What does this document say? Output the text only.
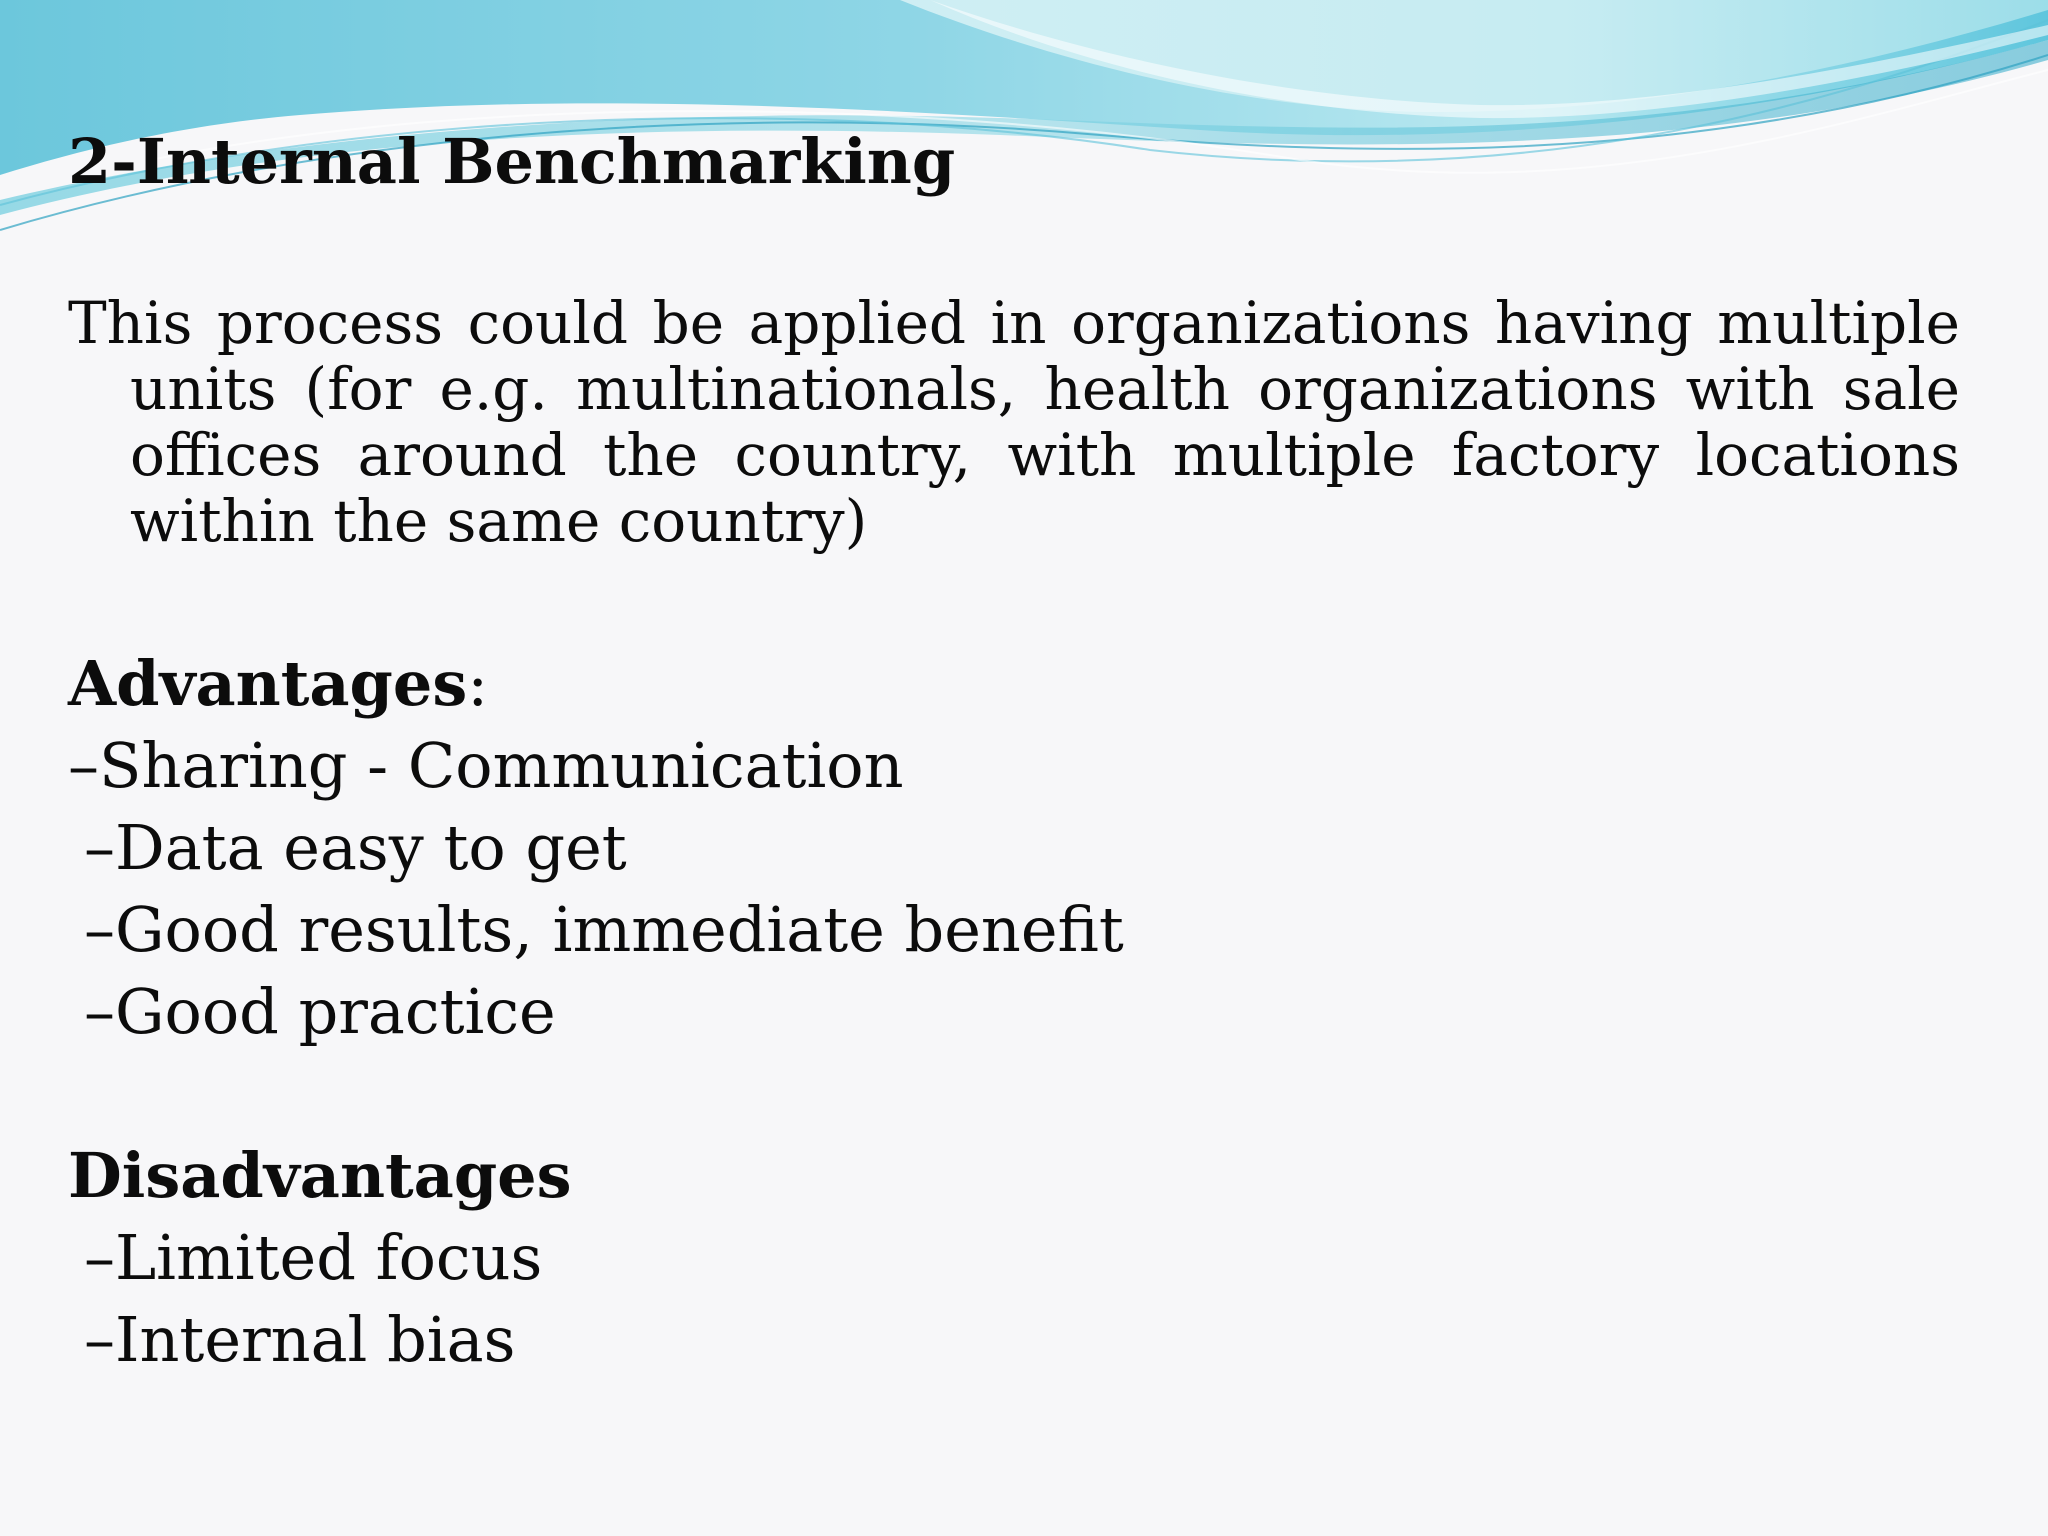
2-Internal Benchmarking
This process could be applied in organizations having multiple units (for e.g. multinationals, health organizations with sale offices around the country, with multiple factory locations within the same country)
Advantages:
–Sharing - Communication
–Data easy to get
–Good results, immediate benefit
–Good practice
Disadvantages
–Limited focus
–Internal bias
